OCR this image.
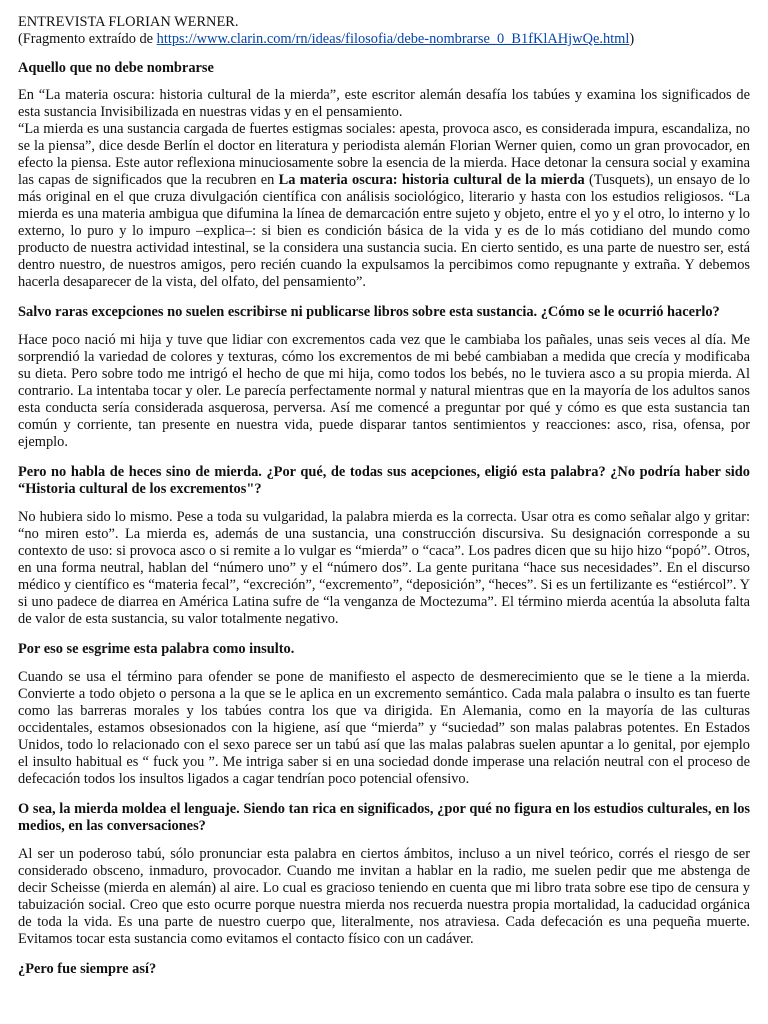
ENTREVISTA FLORIAN WERNER.

(Fragmento extraído de https://www.clarin.com/rn/ideas/filosofia/debe-nombrarse_0_B1fKlAHjwQe.html)

Aquello que no debe nombrarse

En “La materia oscura: historia cultural de la mierda”, este escritor alemán desafía los tabúes y examina los significados de esta sustancia Invisibilizada en nuestras vidas y en el pensamiento.

“La mierda es una sustancia cargada de fuertes estigmas sociales: apesta, provoca asco, es considerada impura, escandaliza, no se la piensa”, dice desde Berlín el doctor en literatura y periodista alemán Florian Werner quien, como un gran provocador, en efecto la piensa. Este autor reflexiona minuciosamente sobre la esencia de la mierda. Hace detonar la censura social y examina las capas de significados que la recubren en La materia oscura: historia cultural de la mierda (Tusquets), un ensayo de lo más original en el que cruza divulgación científica con análisis sociológico, literario y hasta con los estudios religiosos. “La mierda es una materia ambigua que difumina la línea de demarcación entre sujeto y objeto, entre el yo y el otro, lo interno y lo externo, lo puro y lo impuro –explica–: si bien es condición básica de la vida y es de lo más cotidiano del mundo como producto de nuestra actividad intestinal, se la considera una sustancia sucia. En cierto sentido, es una parte de nuestro ser, está dentro nuestro, de nuestros amigos, pero recién cuando la expulsamos la percibimos como repugnante y extraña. Y debemos hacerla desaparecer de la vista, del olfato, del pensamiento”.

Salvo raras excepciones no suelen escribirse ni publicarse libros sobre esta sustancia. ¿Cómo se le ocurrió hacerlo?

Hace poco nació mi hija y tuve que lidiar con excrementos cada vez que le cambiaba los pañales, unas seis veces al día. Me sorprendió la variedad de colores y texturas, cómo los excrementos de mi bebé cambiaban a medida que crecía y modificaba su dieta. Pero sobre todo me intrigó el hecho de que mi hija, como todos los bebés, no le tuviera asco a su propia mierda. Al contrario. La intentaba tocar y oler. Le parecía perfectamente normal y natural mientras que en la mayoría de los adultos sanos esta conducta sería considerada asquerosa, perversa. Así me comencé a preguntar por qué y cómo es que esta sustancia tan común y corriente, tan presente en nuestra vida, puede disparar tantos sentimientos y reacciones: asco, risa, ofensa, por ejemplo.

Pero no habla de heces sino de mierda. ¿Por qué, de todas sus acepciones, eligió esta palabra? ¿No podría haber sido “Historia cultural de los excrementos"?

No hubiera sido lo mismo. Pese a toda su vulgaridad, la palabra mierda es la correcta. Usar otra es como señalar algo y gritar: “no miren esto”. La mierda es, además de una sustancia, una construcción discursiva. Su designación corresponde a su contexto de uso: si provoca asco o si remite a lo vulgar es “mierda” o “caca”. Los padres dicen que su hijo hizo “popó”. Otros, en una forma neutral, hablan del “número uno” y el “número dos”. La gente puritana “hace sus necesidades”. En el discurso médico y científico es “materia fecal”, “excreción”, “excremento”, “deposición”, “heces”. Si es un fertilizante es “estiércol”. Y si uno padece de diarrea en América Latina sufre de “la venganza de Moctezuma”. El término mierda acentúa la absoluta falta de valor de esta sustancia, su valor totalmente negativo.

Por eso se esgrime esta palabra como insulto.

Cuando se usa el término para ofender se pone de manifiesto el aspecto de desmerecimiento que se le tiene a la mierda. Convierte a todo objeto o persona a la que se le aplica en un excremento semántico. Cada mala palabra o insulto es tan fuerte como las barreras morales y los tabúes contra los que va dirigida. En Alemania, como en la mayoría de las culturas occidentales, estamos obsesionados con la higiene, así que “mierda” y “suciedad” son malas palabras potentes. En Estados Unidos, todo lo relacionado con el sexo parece ser un tabú así que las malas palabras suelen apuntar a lo genital, por ejemplo el insulto habitual es “ fuck you ”. Me intriga saber si en una sociedad donde imperase una relación neutral con el proceso de defecación todos los insultos ligados a cagar tendrían poco potencial ofensivo.

O sea, la mierda moldea el lenguaje. Siendo tan rica en significados, ¿por qué no figura en los estudios culturales, en los medios, en las conversaciones?

Al ser un poderoso tabú, sólo pronunciar esta palabra en ciertos ámbitos, incluso a un nivel teórico, corrés el riesgo de ser considerado obsceno, inmaduro, provocador. Cuando me invitan a hablar en la radio, me suelen pedir que me abstenga de decir Scheisse (mierda en alemán) al aire. Lo cual es gracioso teniendo en cuenta que mi libro trata sobre ese tipo de censura y tabuización social. Creo que esto ocurre porque nuestra mierda nos recuerda nuestra propia mortalidad, la caducidad orgánica de toda la vida. Es una parte de nuestro cuerpo que, literalmente, nos atraviesa. Cada defecación es una pequeña muerte. Evitamos tocar esta sustancia como evitamos el contacto físico con un cadáver.

¿Pero fue siempre así?
